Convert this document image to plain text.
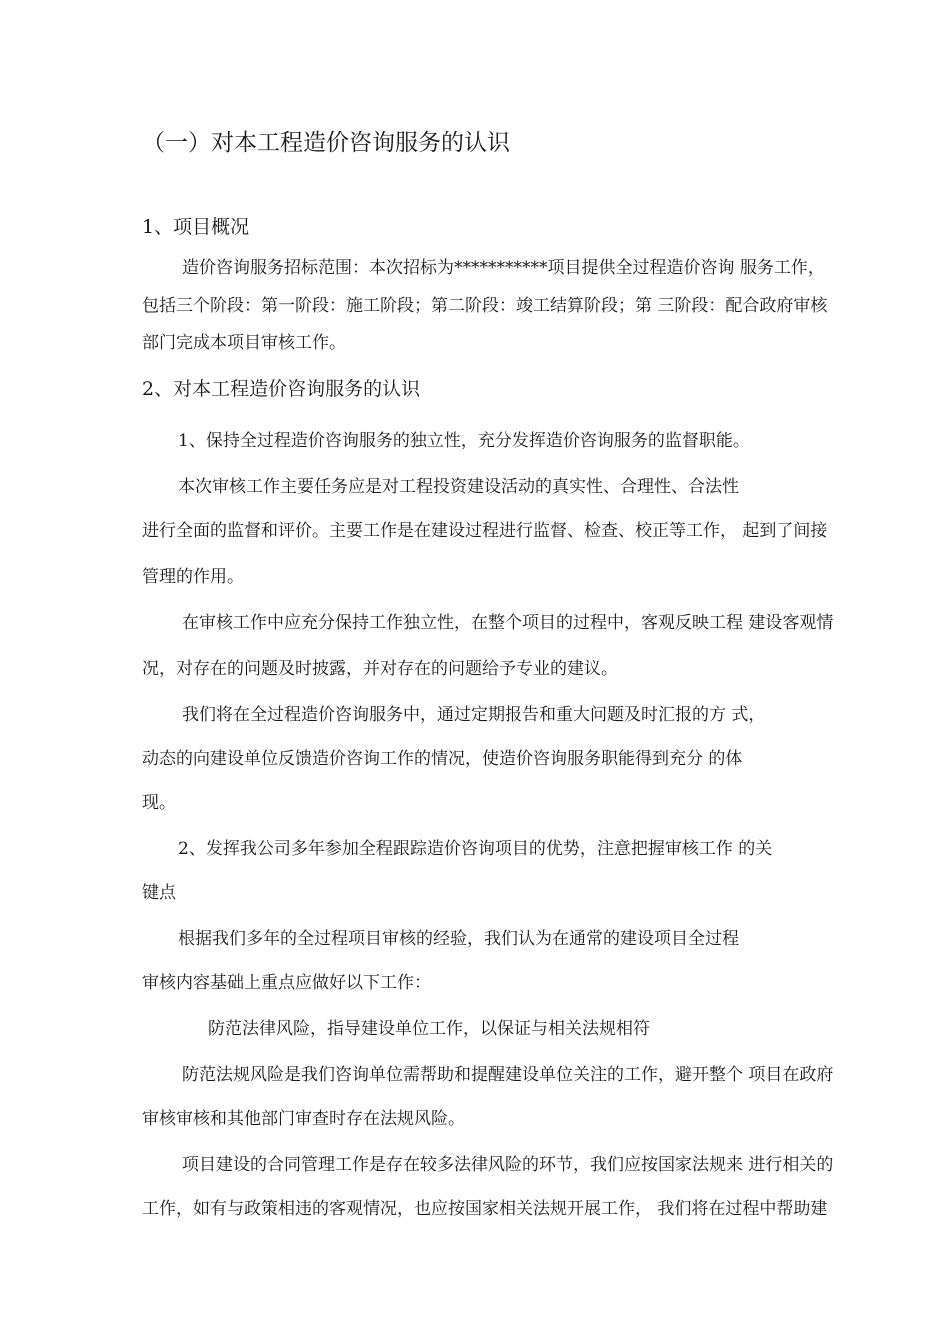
（一）对本工程造价咨询服务的认识
1、项目概况
造价咨询服务招标范围：本次招标为***********项目提供全过程造价咨询 服务工作，
包括三个阶段：第一阶段：施工阶段；第二阶段：竣工结算阶段；第 三阶段：配合政府审核
部门完成本项目审核工作。
2、对本工程造价咨询服务的认识
1、保持全过程造价咨询服务的独立性，充分发挥造价咨询服务的监督职能。
本次审核工作主要任务应是对工程投资建设活动的真实性、合理性、合法性
进行全面的监督和评价。主要工作是在建设过程进行监督、检查、校正等工作， 起到了间接
管理的作用。
在审核工作中应充分保持工作独立性，在整个项目的过程中，客观反映工程 建设客观情
况，对存在的问题及时披露，并对存在的问题给予专业的建议。
我们将在全过程造价咨询服务中，通过定期报告和重大问题及时汇报的方 式，
动态的向建设单位反馈造价咨询工作的情况，使造价咨询服务职能得到充分 的体
现。
2、发挥我公司多年参加全程跟踪造价咨询项目的优势，注意把握审核工作 的关
键点
根据我们多年的全过程项目审核的经验，我们认为在通常的建设项目全过程
审核内容基础上重点应做好以下工作：
防范法律风险，指导建设单位工作，以保证与相关法规相符
防范法规风险是我们咨询单位需帮助和提醒建设单位关注的工作，避开整个 项目在政府
审核审核和其他部门审查时存在法规风险。
项目建设的合同管理工作是存在较多法律风险的环节，我们应按国家法规来 进行相关的
工作，如有与政策相违的客观情况，也应按国家相关法规开展工作， 我们将在过程中帮助建
